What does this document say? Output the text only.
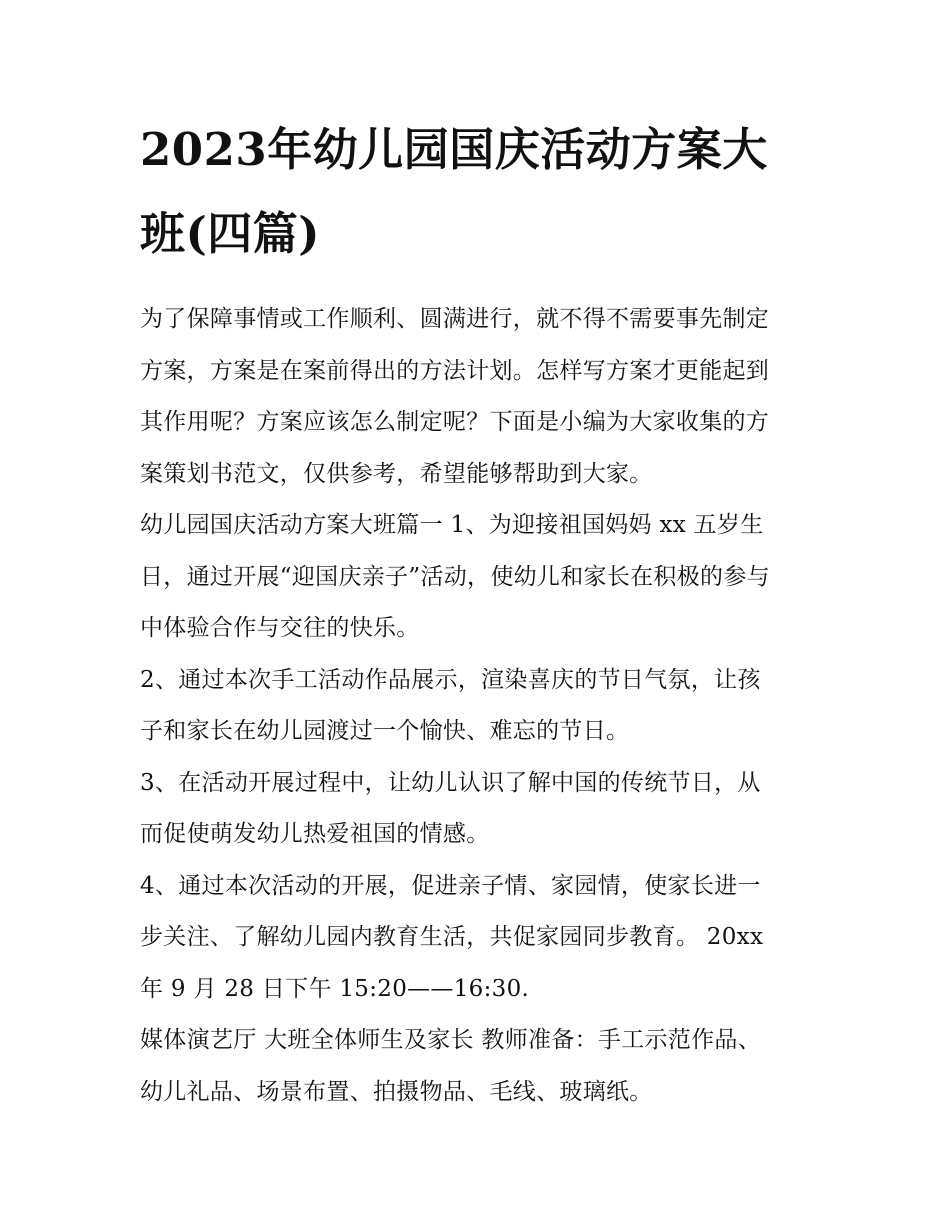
2023年幼儿园国庆活动方案大
班(四篇)

为了保障事情或工作顺利、圆满进行，就不得不需要事先制定
方案，方案是在案前得出的方法计划。怎样写方案才更能起到
其作用呢？方案应该怎么制定呢？下面是小编为大家收集的方
案策划书范文，仅供参考，希望能够帮助到大家。

幼儿园国庆活动方案大班篇一 1、为迎接祖国妈妈 xx 五岁生
日，通过开展“迎国庆亲子”活动，使幼儿和家长在积极的参与
中体验合作与交往的快乐。

2、通过本次手工活动作品展示，渲染喜庆的节日气氛，让孩
子和家长在幼儿园渡过一个愉快、难忘的节日。

3、在活动开展过程中，让幼儿认识了解中国的传统节日，从
而促使萌发幼儿热爱祖国的情感。

4、通过本次活动的开展，促进亲子情、家园情，使家长进一
步关注、了解幼儿园内教育生活，共促家园同步教育。 20xx
年 9 月 28 日下午 15:20——16:30.

媒体演艺厅 大班全体师生及家长 教师准备：手工示范作品、
幼儿礼品、场景布置、拍摄物品、毛线、玻璃纸。
